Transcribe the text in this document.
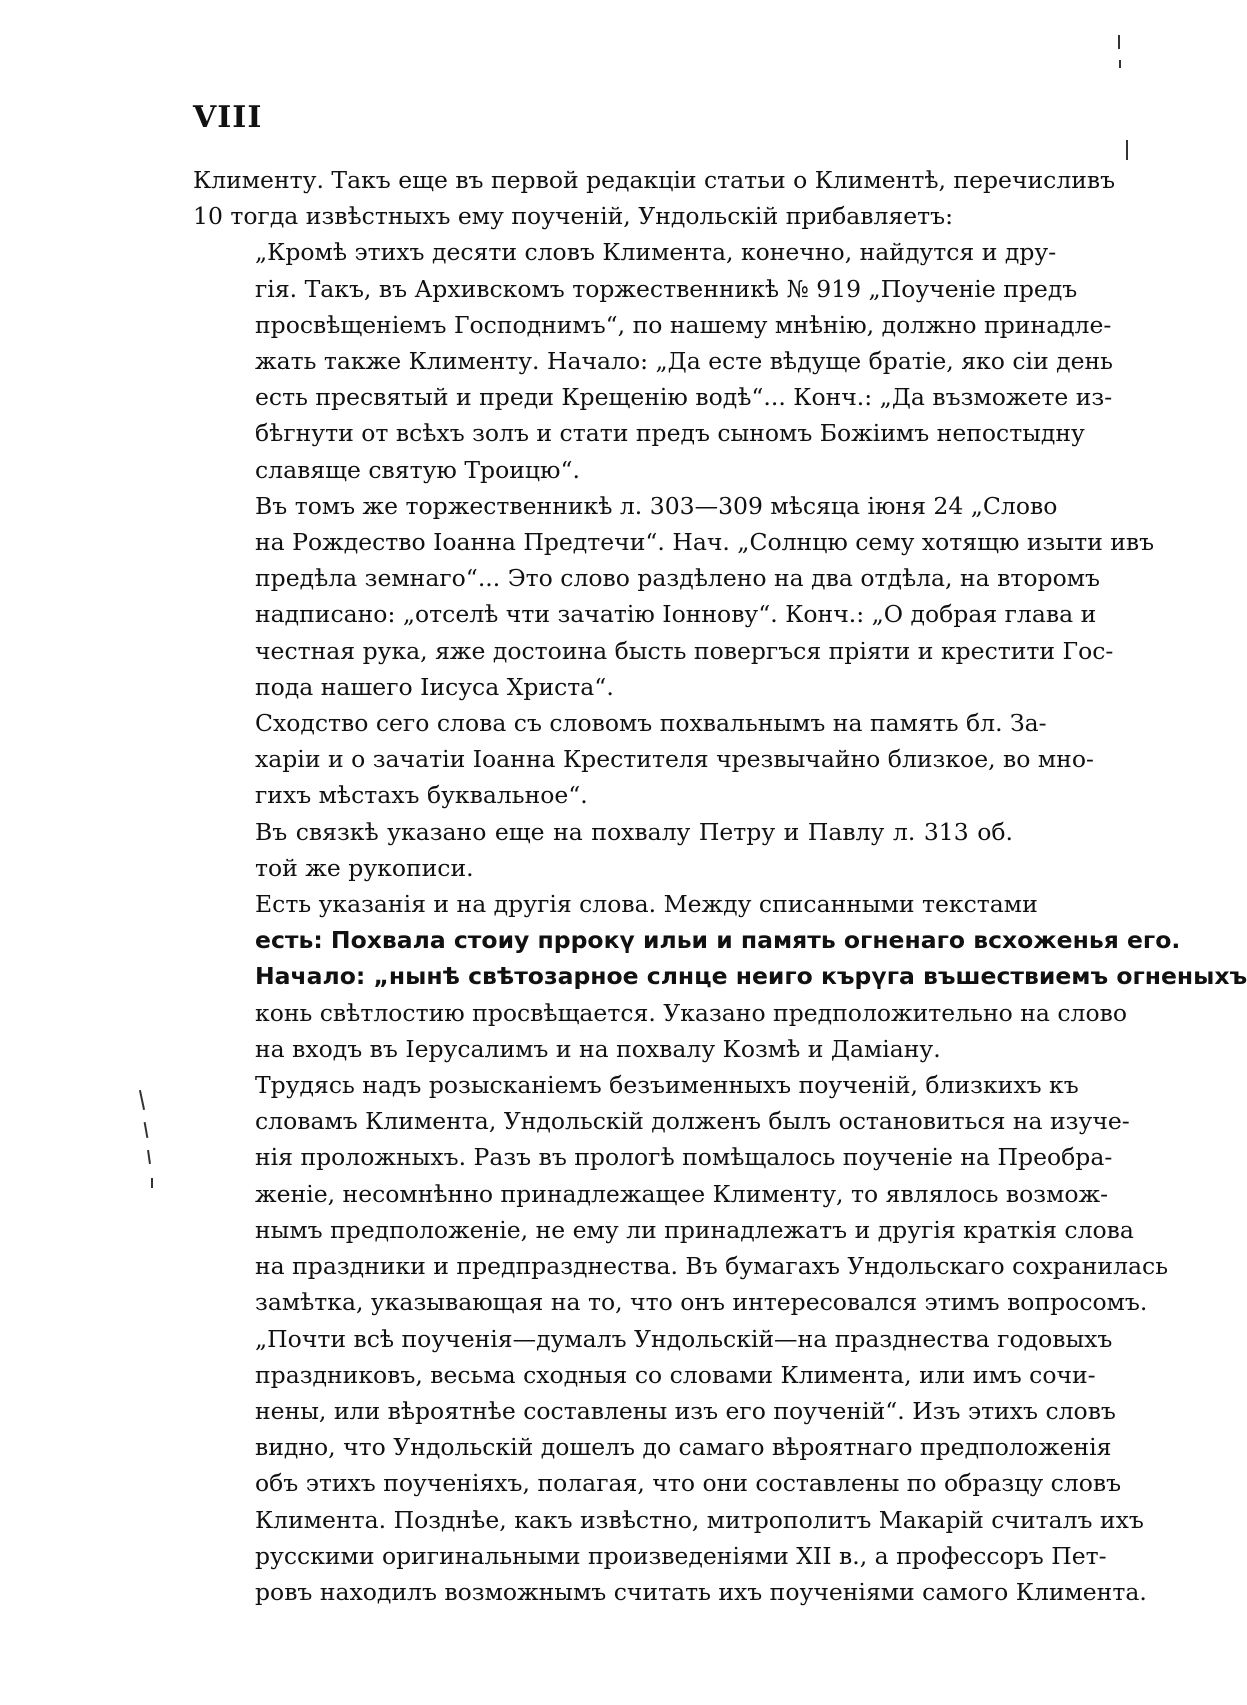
VIII

Клименту. Такъ еще въ первой редакціи статьи о Климентѣ, перечисливъ
10 тогда извѣстныхъ ему поученій, Ундольскій прибавляетъ:

„Кромѣ этихъ десяти словъ Климента, конечно, найдутся и дру-
гія. Такъ, въ Архивскомъ торжественникѣ № 919 „Поученіе предъ
просвѣщеніемъ Господнимъ“, по нашему мнѣнію, должно принадле-
жать также Клименту. Начало: „Да есте вѣдуще братіе, яко сіи день
есть пресвятый и преди Крещенію водѣ“... Конч.: „Да възможете из-
бѣгнути от всѣхъ золъ и стати предъ сыномъ Божіимъ непостыдну
славяще святую Троицю“.

Въ томъ же торжественникѣ л. 303—309 мѣсяца іюня 24 „Слово
на Рождество Іоанна Предтечи“. Нач. „Солнцю сему хотящю изыти ивъ
предѣла земнаго“... Это слово раздѣлено на два отдѣла, на второмъ
надписано: „отселѣ чти зачатію Іоннову“. Конч.: „О добрая глава и
честная рука, яже достоина бысть повергъся пріяти и крестити Гос-
пода нашего Іисуса Христа“.

Сходство сего слова съ словомъ похвальнымъ на память бл. За-
харіи и о зачатіи Іоанна Крестителя чрезвычайно близкое, во мно-
гихъ мѣстахъ буквальное“.

Въ связкѣ указано еще на похвалу Петру и Павлу л. 313 об.
той же рукописи.

Есть указанія и на другія слова. Между списанными текстами
есть: Похвала стоиу пррокү ильи и память огненаго всхоженья его.
Начало: „нынѣ свѣтозарное слнце неиго кърүга въшествиемъ огненыхъ
конь свѣтлостию просвѣщается. Указано предположительно на слово
на входъ въ Іерусалимъ и на похвалу Козмѣ и Даміану.

Трудясь надъ розысканіемъ безъименныхъ поученій, близкихъ къ
словамъ Климента, Ундольскій долженъ былъ остановиться на изуче-
нія проложныхъ. Разъ въ прологѣ помѣщалось поученіе на Преобра-
женіе, несомнѣнно принадлежащее Клименту, то являлось возмож-
нымъ предположеніе, не ему ли принадлежатъ и другія краткія слова
на праздники и предпразднества. Въ бумагахъ Ундольскаго сохранилась
замѣтка, указывающая на то, что онъ интересовался этимъ вопросомъ.
„Почти всѣ поученія—думалъ Ундольскій—на празднества годовыхъ
праздниковъ, весьма сходныя со словами Климента, или имъ сочи-
нены, или вѣроятнѣе составлены изъ его поученій“. Изъ этихъ словъ
видно, что Ундольскій дошелъ до самаго вѣроятнаго предположенія
объ этихъ поученіяхъ, полагая, что они составлены по образцу словъ
Климента. Позднѣе, какъ извѣстно, митрополитъ Макарій считалъ ихъ
русскими оригинальными произведеніями XII в., а профессоръ Пет-
ровъ находилъ возможнымъ считать ихъ поученіями самого Климента.
